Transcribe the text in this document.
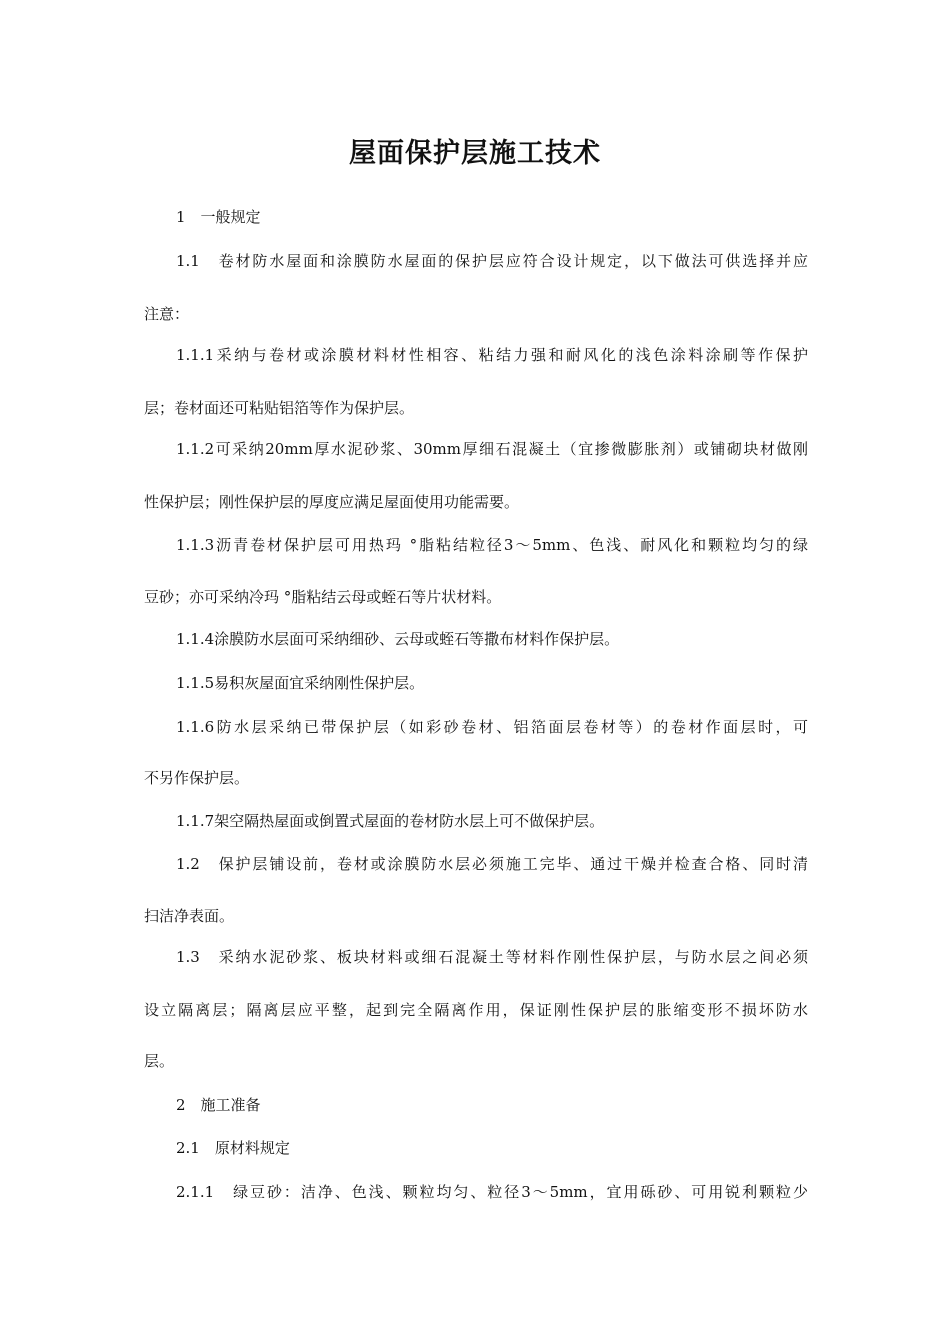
屋面保护层施工技术
1　一般规定
1.1　卷材防水屋面和涂膜防水屋面的保护层应符合设计规定，以下做法可供选择并应
注意：
1.1.1采纳与卷材或涂膜材料材性相容、粘结力强和耐风化的浅色涂料涂刷等作保护
层；卷材面还可粘贴铝箔等作为保护层。
1.1.2可采纳20mm厚水泥砂浆、30mm厚细石混凝土（宜掺微膨胀剂）或铺砌块材做刚
性保护层；刚性保护层的厚度应满足屋面使用功能需要。
1.1.3沥青卷材保护层可用热玛 °脂粘结粒径3～5mm、色浅、耐风化和颗粒均匀的绿
豆砂；亦可采纳冷玛 °脂粘结云母或蛭石等片状材料。
1.1.4涂膜防水层面可采纳细砂、云母或蛭石等撒布材料作保护层。
1.1.5易积灰屋面宜采纳刚性保护层。
1.1.6防水层采纳已带保护层（如彩砂卷材、铝箔面层卷材等）的卷材作面层时，可
不另作保护层。
1.1.7架空隔热屋面或倒置式屋面的卷材防水层上可不做保护层。
1.2　保护层铺设前，卷材或涂膜防水层必须施工完毕、通过干燥并检查合格、同时清
扫洁净表面。
1.3　采纳水泥砂浆、板块材料或细石混凝土等材料作刚性保护层，与防水层之间必须
设立隔离层；隔离层应平整，起到完全隔离作用，保证刚性保护层的胀缩变形不损坏防水
层。
2　施工准备
2.1　原材料规定
2.1.1　绿豆砂：洁净、色浅、颗粒均匀、粒径3～5mm，宜用砾砂、可用锐利颗粒少
